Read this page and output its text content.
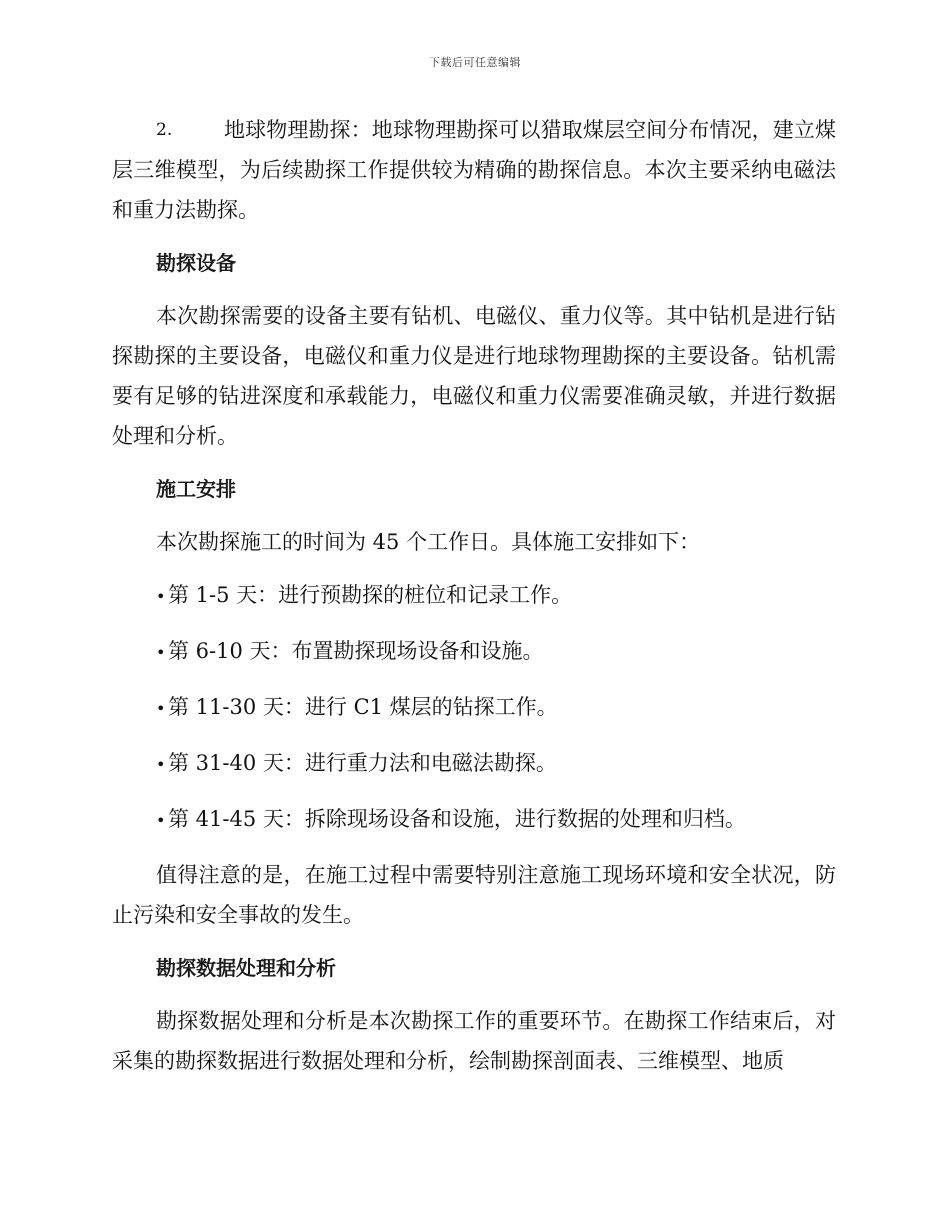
下载后可任意编辑

2. 地球物理勘探：地球物理勘探可以猎取煤层空间分布情况，建立煤层三维模型，为后续勘探工作提供较为精确的勘探信息。本次主要采纳电磁法和重力法勘探。

勘探设备

本次勘探需要的设备主要有钻机、电磁仪、重力仪等。其中钻机是进行钻探勘探的主要设备，电磁仪和重力仪是进行地球物理勘探的主要设备。钻机需要有足够的钻进深度和承载能力，电磁仪和重力仪需要准确灵敏，并进行数据处理和分析。

施工安排

本次勘探施工的时间为 45 个工作日。具体施工安排如下：

• 第 1-5 天：进行预勘探的桩位和记录工作。
• 第 6-10 天：布置勘探现场设备和设施。
• 第 11-30 天：进行 C1 煤层的钻探工作。
• 第 31-40 天：进行重力法和电磁法勘探。
• 第 41-45 天：拆除现场设备和设施，进行数据的处理和归档。

值得注意的是，在施工过程中需要特别注意施工现场环境和安全状况，防止污染和安全事故的发生。

勘探数据处理和分析

勘探数据处理和分析是本次勘探工作的重要环节。在勘探工作结束后，对采集的勘探数据进行数据处理和分析，绘制勘探剖面表、三维模型、地质
